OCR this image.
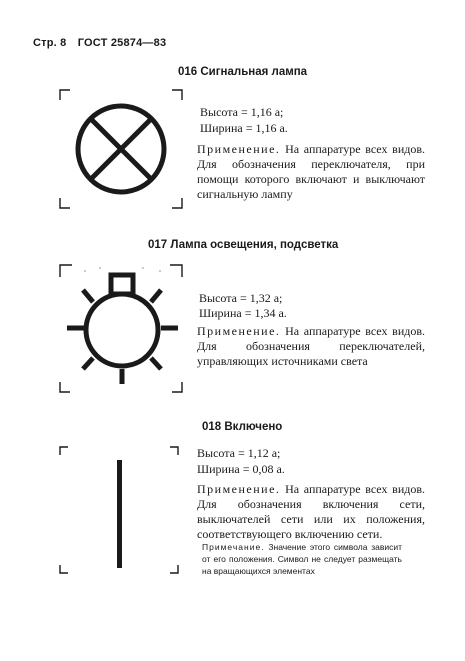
Стр. 8 ГОСТ 25874—83
016 Сигнальная лампа
Высота = 1,16 a;
Ширина = 1,16 a.
Применение. На аппаратуре всех видов. Для обозначения переключателя, при помощи которого включают и выключают сигнальную лампу
017 Лампа освещения, подсветка
Высота = 1,32 a;
Ширина = 1,34 a.
Применение. На аппаратуре всех видов. Для обозначения переключателей, управляющих источниками света
018 Включено
Высота = 1,12 a;
Ширина = 0,08 a.
Применение. На аппаратуре всех видов. Для обозначения включения сети, выключателей сети или их положения, соответствующего включению сети.
Примечание. Значение этого символа зависит от его положения. Символ не следует размещать на вращающихся элементах
